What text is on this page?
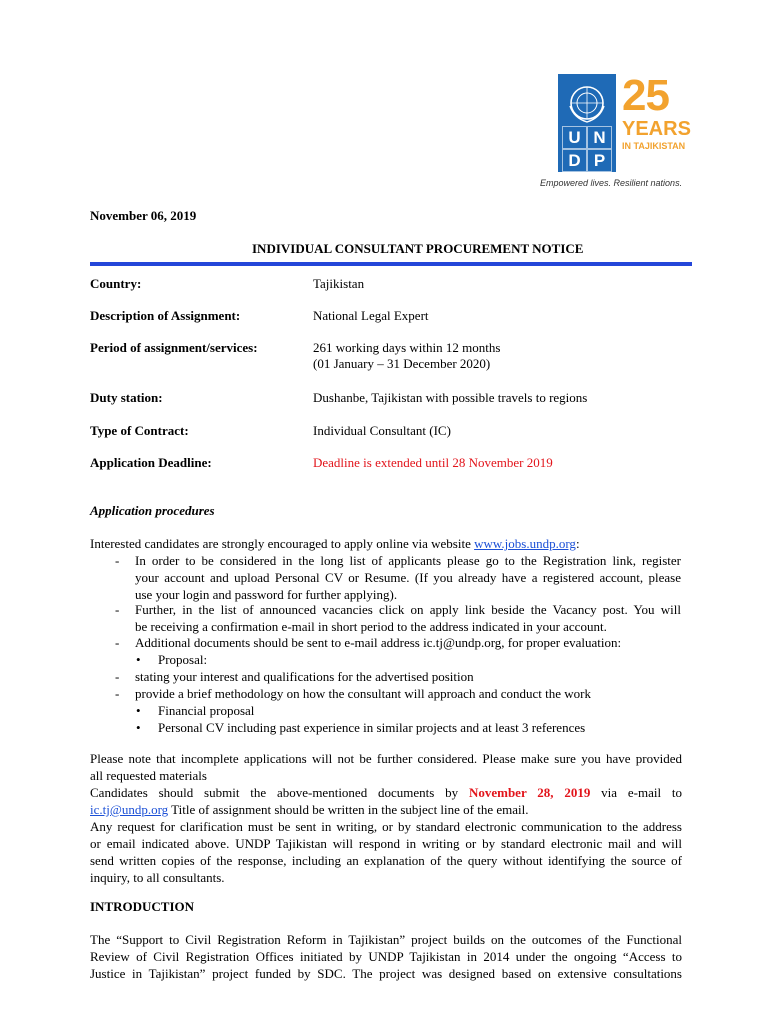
U N
D P
25
YEARS
IN TAJIKISTAN
Empowered lives. Resilient nations.
November 06, 2019
INDIVIDUAL CONSULTANT PROCUREMENT NOTICE
Country:	Tajikistan
Description of Assignment:	National Legal Expert
Period of assignment/services:	261 working days within 12 months
(01 January – 31 December 2020)
Duty station:	Dushanbe, Tajikistan with possible travels to regions
Type of Contract:	Individual Consultant (IC)
Application Deadline:	Deadline is extended until 28 November 2019
Application procedures
Interested candidates are strongly encouraged to apply online via website www.jobs.undp.org:
- In order to be considered in the long list of applicants please go to the Registration link, register
your account and upload Personal CV or Resume. (If you already have a registered account, please
use your login and password for further applying).
- Further, in the list of announced vacancies click on apply link beside the Vacancy post. You will
be receiving a confirmation e-mail in short period to the address indicated in your account.
- Additional documents should be sent to e-mail address ic.tj@undp.org, for proper evaluation:
• Proposal:
- stating your interest and qualifications for the advertised position
- provide a brief methodology on how the consultant will approach and conduct the work
• Financial proposal
• Personal CV including past experience in similar projects and at least 3 references
Please note that incomplete applications will not be further considered. Please make sure you have provided
all requested materials
Candidates should submit the above-mentioned documents by November 28, 2019 via e-mail to
ic.tj@undp.org Title of assignment should be written in the subject line of the email.
Any request for clarification must be sent in writing, or by standard electronic communication to the address
or email indicated above. UNDP Tajikistan will respond in writing or by standard electronic mail and will
send written copies of the response, including an explanation of the query without identifying the source of
inquiry, to all consultants.
INTRODUCTION
The “Support to Civil Registration Reform in Tajikistan” project builds on the outcomes of the Functional
Review of Civil Registration Offices initiated by UNDP Tajikistan in 2014 under the ongoing “Access to
Justice in Tajikistan” project funded by SDC. The project was designed based on extensive consultations
